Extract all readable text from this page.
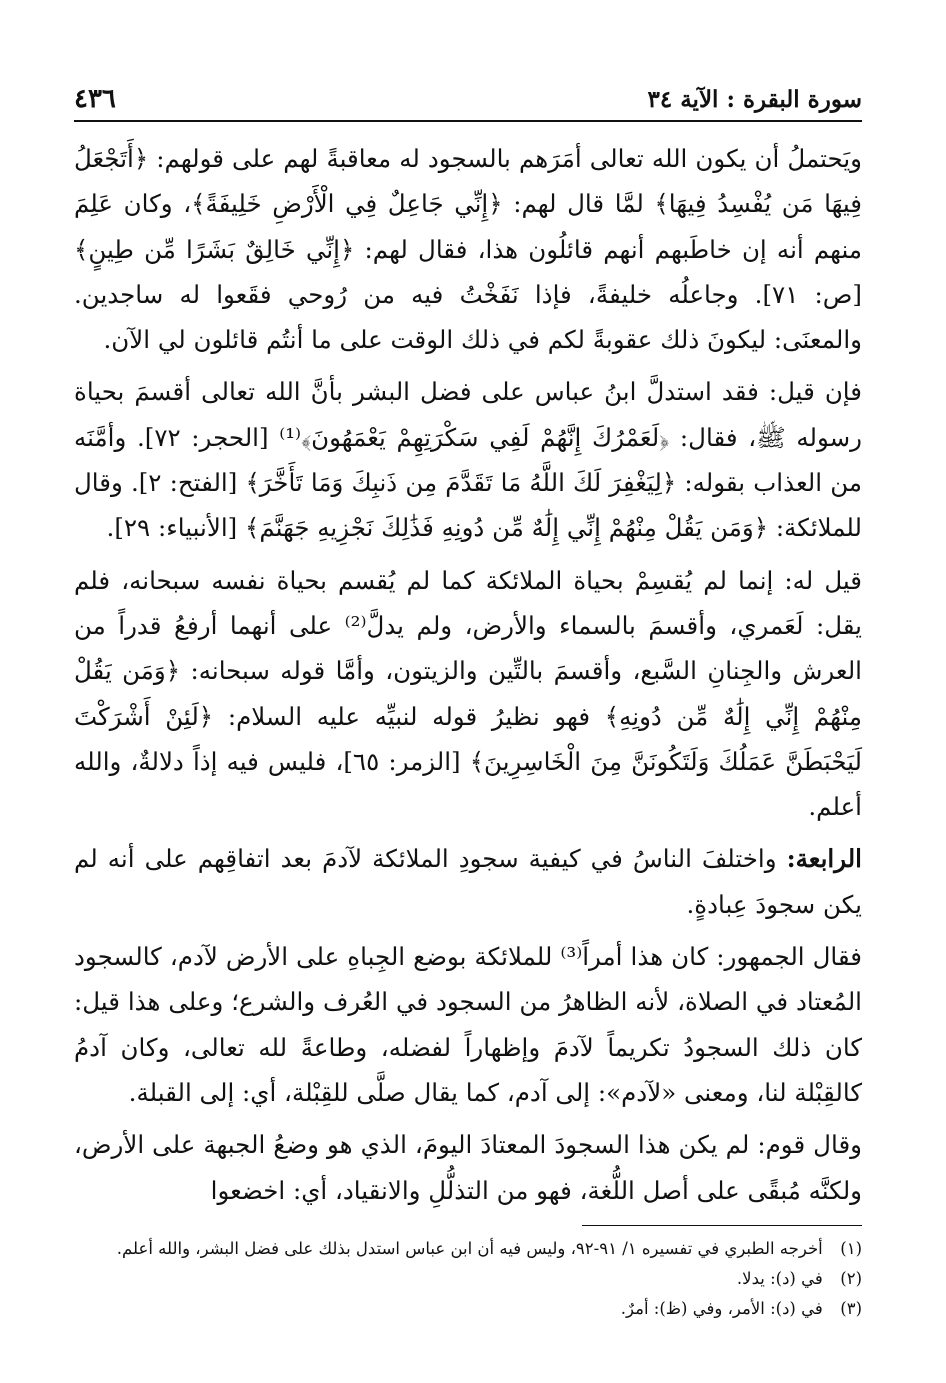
سورة البقرة : الآية ٣٤
٤٣٦

ويَحتملُ أن يكون الله تعالى أمَرَهم بالسجود له معاقبةً لهم على قولهم: ﴿أَتَجْعَلُ فِيهَا مَن يُفْسِدُ فِيهَا﴾ لمَّا قال لهم: ﴿إِنِّي جَاعِلٌ فِي الْأَرْضِ خَلِيفَةً﴾، وكان عَلِمَ منهم أنه إن خاطَبهم أنهم قائلُون هذا، فقال لهم: ﴿إِنِّي خَالِقٌ بَشَرًا مِّن طِينٍ﴾ [ص: ٧١]. وجاعلُه خليفةً، فإذا نَفَخْتُ فيه من رُوحي فقَعوا له ساجدين. والمعنَى: ليكونَ ذلك عقوبةً لكم في ذلك الوقت على ما أنتُم قائلون لي الآن.

فإن قيل: فقد استدلَّ ابنُ عباس على فضل البشر بأنَّ الله تعالى أقسمَ بحياة رسوله ﷺ، فقال: ﴿لَعَمْرُكَ إِنَّهُمْ لَفِي سَكْرَتِهِمْ يَعْمَهُونَ﴾⁽¹⁾ [الحجر: ٧٢]. وأمَّنَه من العذاب بقوله: ﴿لِيَغْفِرَ لَكَ اللَّهُ مَا تَقَدَّمَ مِن ذَنبِكَ وَمَا تَأَخَّرَ﴾ [الفتح: ٢]. وقال للملائكة: ﴿وَمَن يَقُلْ مِنْهُمْ إِنِّي إِلَٰهٌ مِّن دُونِهِ فَذَٰلِكَ نَجْزِيهِ جَهَنَّمَ﴾ [الأنبياء: ٢٩].

قيل له: إنما لم يُقسِمْ بحياة الملائكة كما لم يُقسم بحياة نفسه سبحانه، فلم يقل: لَعَمري، وأقسمَ بالسماء والأرض، ولم يدلَّ⁽²⁾ على أنهما أرفعُ قدراً من العرش والجِنانِ السَّبع، وأقسمَ بالتِّين والزيتون، وأمَّا قوله سبحانه: ﴿وَمَن يَقُلْ مِنْهُمْ إِنِّي إِلَٰهٌ مِّن دُونِهِ﴾ فهو نظيرُ قوله لنبيِّه عليه السلام: ﴿لَئِنْ أَشْرَكْتَ لَيَحْبَطَنَّ عَمَلُكَ وَلَتَكُونَنَّ مِنَ الْخَاسِرِينَ﴾ [الزمر: ٦٥]، فليس فيه إذاً دلالةٌ، والله أعلم.

الرابعة: واختلفَ الناسُ في كيفية سجودِ الملائكة لآدمَ بعد اتفاقِهم على أنه لم يكن سجودَ عِبادةٍ.

فقال الجمهور: كان هذا أمراً⁽³⁾ للملائكة بوضع الجِباهِ على الأرض لآدم، كالسجود المُعتاد في الصلاة، لأنه الظاهرُ من السجود في العُرف والشرع؛ وعلى هذا قيل: كان ذلك السجودُ تكريماً لآدمَ وإظهاراً لفضله، وطاعةً لله تعالى، وكان آدمُ كالقِبْلة لنا، ومعنى «لآدم»: إلى آدم، كما يقال صلَّى للقِبْلة، أي: إلى القبلة.

وقال قوم: لم يكن هذا السجودَ المعتادَ اليومَ، الذي هو وضعُ الجبهة على الأرض، ولكنَّه مُبقًى على أصل اللُّغة، فهو من التذلُّلِ والانقياد، أي: اخضعوا

(١) أخرجه الطبري في تفسيره ١/ ٩١-٩٢، وليس فيه أن ابن عباس استدل بذلك على فضل البشر، والله أعلم.

(٢) في (د): يدلا.

(٣) في (د): الأمر، وفي (ظ): أمرٌ.
